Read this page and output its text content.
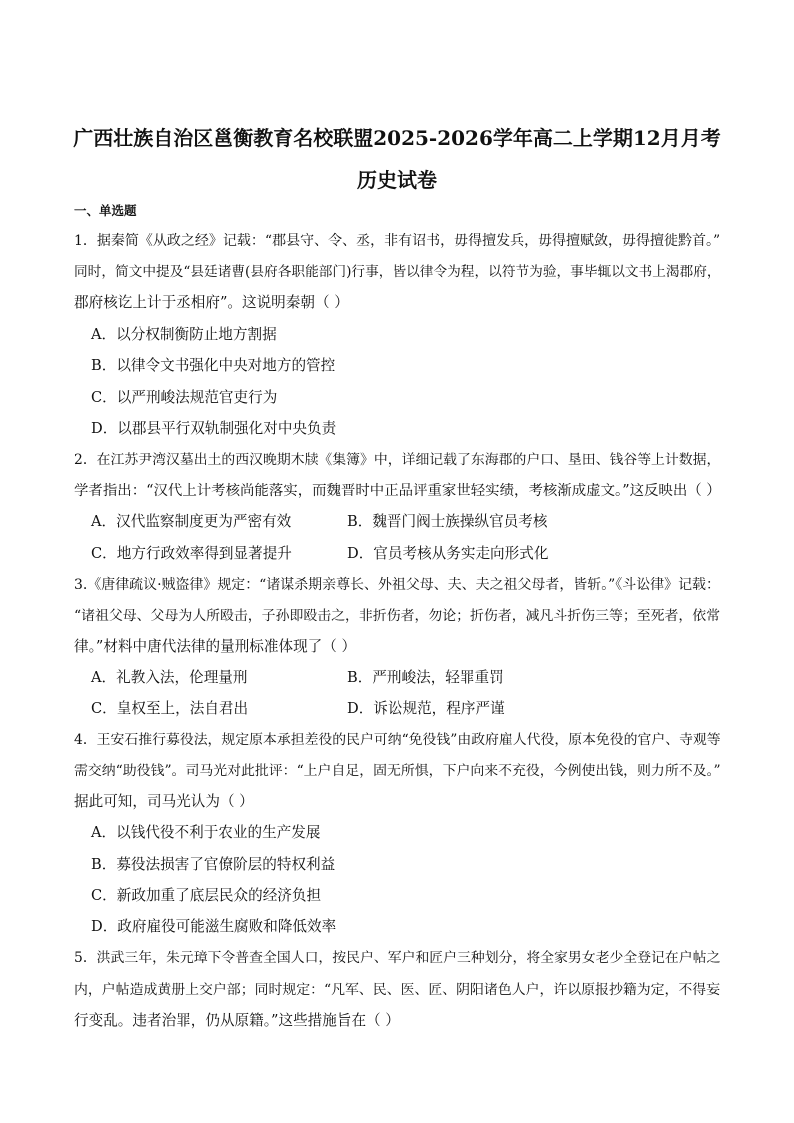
广西壮族自治区邕衡教育名校联盟2025-2026学年高二上学期12月月考
历史试卷
一、单选题
1．据秦简《从政之经》记载：“郡县守、令、丞，非有诏书，毋得擅发兵，毋得擅赋敛，毋得擅徙黔首。”
同时，简文中提及“县廷诸曹(县府各职能部门)行事，皆以律令为程，以符节为验，事毕辄以文书上渴郡府，
郡府核讫上计于丞相府”。这说明秦朝（ ）
A．以分权制衡防止地方割据
B．以律令文书强化中央对地方的管控
C．以严刑峻法规范官吏行为
D．以郡县平行双轨制强化对中央负责
2．在江苏尹湾汉墓出土的西汉晚期木牍《集簿》中，详细记载了东海郡的户口、垦田、钱谷等上计数据，
学者指出：“汉代上计考核尚能落实，而魏晋时中正品评重家世轻实绩，考核渐成虚文。”这反映出（ ）
A．汉代监察制度更为严密有效	B．魏晋门阀士族操纵官员考核
C．地方行政效率得到显著提升	D．官员考核从务实走向形式化
3.《唐律疏议·贼盗律》规定：“诸谋杀期亲尊长、外祖父母、夫、夫之祖父母者，皆斩。”《斗讼律》记载：
“诸祖父母、父母为人所殴击，子孙即殴击之，非折伤者，勿论；折伤者，减凡斗折伤三等；至死者，依常
律。”材料中唐代法律的量刑标准体现了（ ）
A．礼教入法，伦理量刑	B．严刑峻法，轻罪重罚
C．皇权至上，法自君出	D．诉讼规范，程序严谨
4．王安石推行募役法，规定原本承担差役的民户可纳“免役钱”由政府雇人代役，原本免役的官户、寺观等
需交纳“助役钱”。司马光对此批评：“上户自足，固无所惧，下户向来不充役，今例使出钱，则力所不及。”
据此可知，司马光认为（ ）
A．以钱代役不利于农业的生产发展
B．募役法损害了官僚阶层的特权利益
C．新政加重了底层民众的经济负担
D．政府雇役可能滋生腐败和降低效率
5．洪武三年，朱元璋下令普查全国人口，按民户、军户和匠户三种划分，将全家男女老少全登记在户帖之
内，户帖造成黄册上交户部；同时规定：“凡军、民、医、匠、阴阳诸色人户，许以原报抄籍为定，不得妄
行变乱。违者治罪，仍从原籍。”这些措施旨在（ ）
